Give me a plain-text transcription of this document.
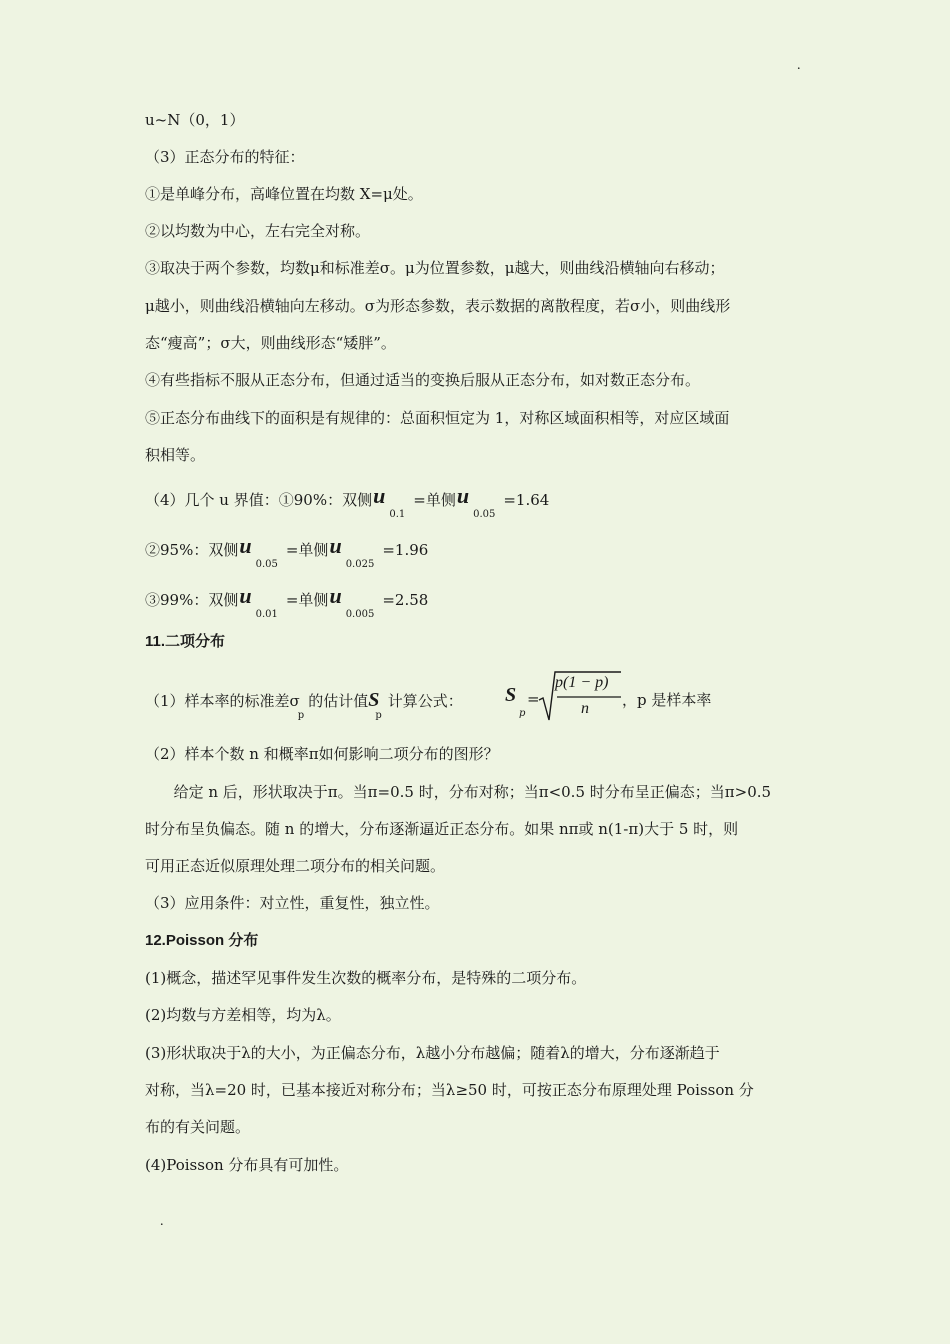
.
u~N（0，1）
（3）正态分布的特征：
①是单峰分布，高峰位置在均数 X=μ处。
②以均数为中心，左右完全对称。
③取决于两个参数，均数μ和标准差σ。μ为位置参数，μ越大，则曲线沿横轴向右移动；
μ越小，则曲线沿横轴向左移动。σ为形态参数，表示数据的离散程度，若σ小，则曲线形
态“瘦高”；σ大，则曲线形态“矮胖”。
④有些指标不服从正态分布，但通过适当的变换后服从正态分布，如对数正态分布。
⑤正态分布曲线下的面积是有规律的：总面积恒定为 1，对称区域面积相等，对应区域面
积相等。
（4）几个 u 界值：①90%：双侧$u_{0.1}=$单侧$u_{0.05}=1.64$
②95%：双侧$u_{0.05}=$单侧$u_{0.025}=1.96$
③99%：双侧$u_{0.01}=$单侧$u_{0.005}=2.58$
11.二项分布
（1）样本率的标准差$\sigma_p$的估计值$S_p$计算公式：	S
p
=
p(1 − p)
n ，p 是样本率
（2）样本个数 n 和概率π如何影响二项分布的图形？
给定 n 后，形状取决于π。当π=0.5 时，分布对称；当π<0.5 时分布呈正偏态；当π>0.5
时分布呈负偏态。随 n 的增大，分布逐渐逼近正态分布。如果 nπ或 n(1-π)大于 5 时，则
可用正态近似原理处理二项分布的相关问题。
（3）应用条件：对立性，重复性，独立性。
12.Poisson 分布
(1)概念，描述罕见事件发生次数的概率分布，是特殊的二项分布。
(2)均数与方差相等，均为λ。
(3)形状取决于λ的大小，为正偏态分布，λ越小分布越偏；随着λ的增大，分布逐渐趋于
对称，当λ=20 时，已基本接近对称分布；当λ≥50 时，可按正态分布原理处理 Poisson 分
布的有关问题。
(4)Poisson 分布具有可加性。
.
